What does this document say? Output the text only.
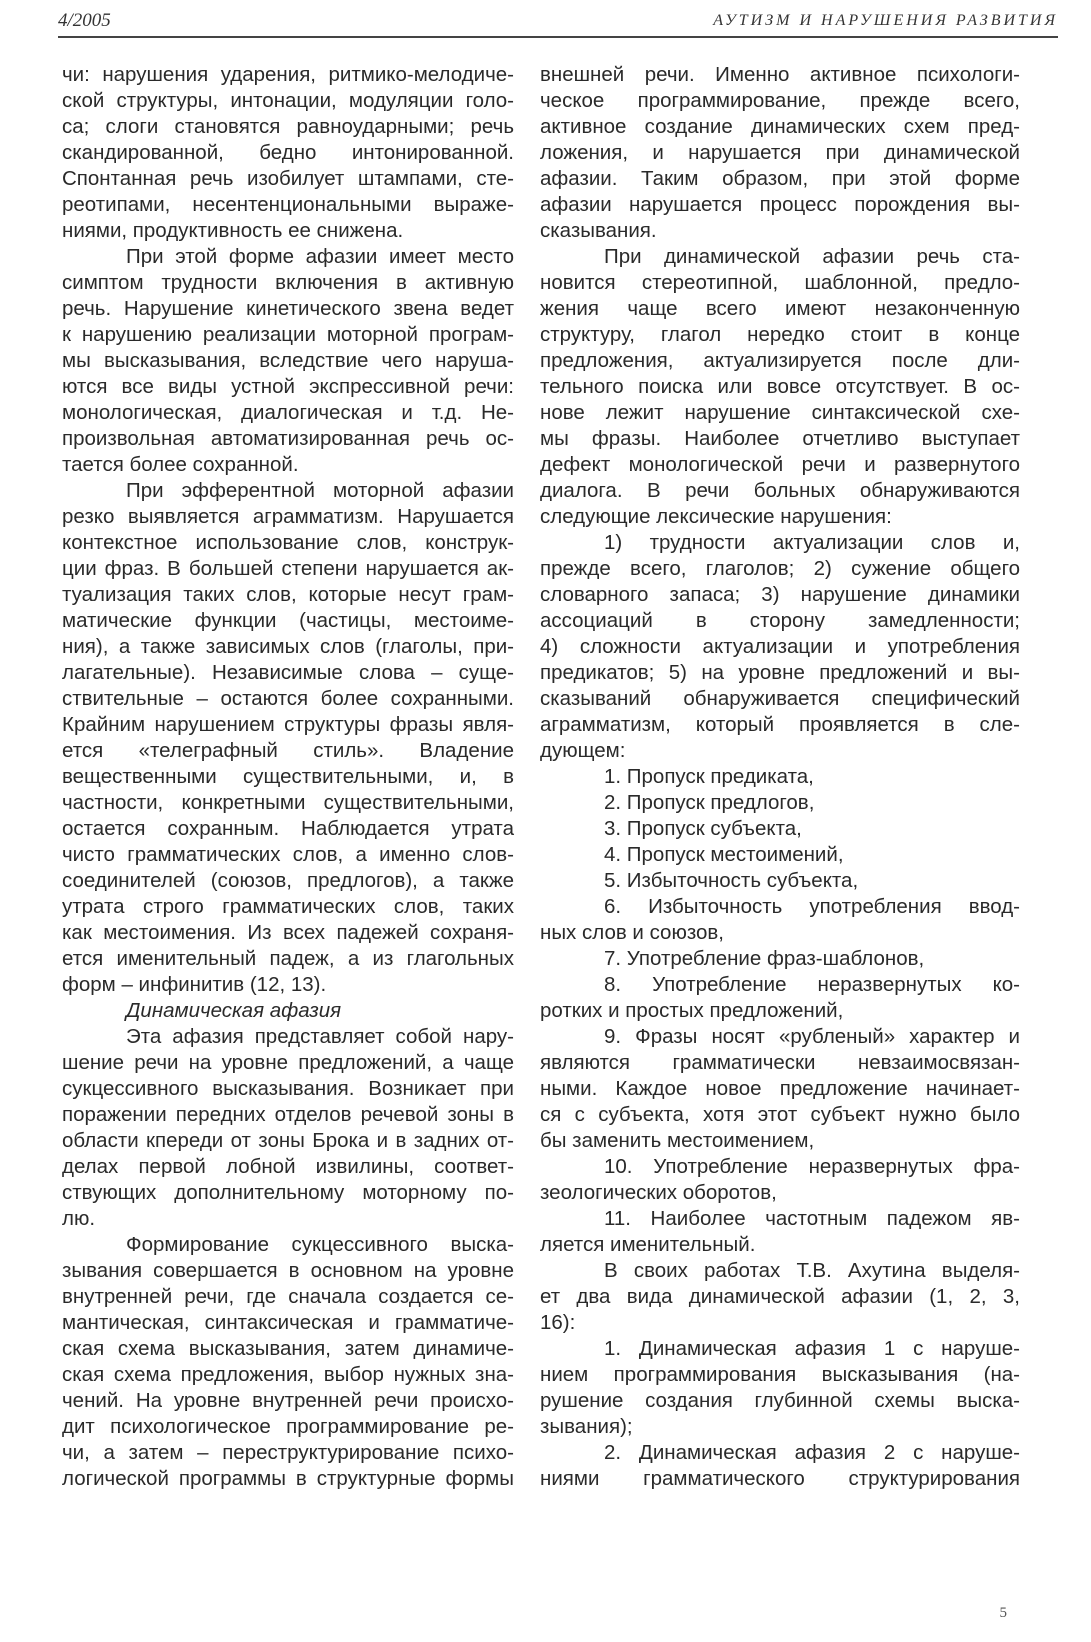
4/2005	АУТИЗМ И НАРУШЕНИЯ РАЗВИТИЯ
чи: нарушения ударения, ритмико-мелодиче-
ской структуры, интонации, модуляции голо-
са; слоги становятся равноударными; речь
скандированной, бедно интонированной.
Спонтанная речь изобилует штампами, сте-
реотипами, несентенциональными выраже-
ниями, продуктивность ее снижена.
При этой форме афазии имеет место
симптом трудности включения в активную
речь. Нарушение кинетического звена ведет
к нарушению реализации моторной програм-
мы высказывания, вследствие чего наруша-
ются все виды устной экспрессивной речи:
монологическая, диалогическая и т.д. Не-
произвольная автоматизированная речь ос-
тается более сохранной.
При эфферентной моторной афазии
резко выявляется аграмматизм. Нарушается
контекстное использование слов, конструк-
ции фраз. В большей степени нарушается ак-
туализация таких слов, которые несут грам-
матические функции (частицы, местоиме-
ния), а также зависимых слов (глаголы, при-
лагательные). Независимые слова – суще-
ствительные – остаются более сохранными.
Крайним нарушением структуры фразы явля-
ется «телеграфный стиль». Владение
вещественными существительными, и, в
частности, конкретными существительными,
остается сохранным. Наблюдается утрата
чисто грамматических слов, а именно слов-
соединителей (союзов, предлогов), а также
утрата строго грамматических слов, таких
как местоимения. Из всех падежей сохраня-
ется именительный падеж, а из глагольных
форм – инфинитив (12, 13).
Динамическая афазия
Эта афазия представляет собой нару-
шение речи на уровне предложений, а чаще
сукцессивного высказывания. Возникает при
поражении передних отделов речевой зоны в
области кпереди от зоны Брока и в задних от-
делах первой лобной извилины, соответ-
ствующих дополнительному моторному по-
лю.
Формирование сукцессивного выска-
зывания совершается в основном на уровне
внутренней речи, где сначала создается се-
мантическая, синтаксическая и грамматиче-
ская схема высказывания, затем динамиче-
ская схема предложения, выбор нужных зна-
чений. На уровне внутренней речи происхо-
дит психологическое программирование ре-
чи, а затем – переструктурирование психо-
логической программы в структурные формы
внешней речи. Именно активное психологи-
ческое программирование, прежде всего,
активное создание динамических схем пред-
ложения, и нарушается при динамической
афазии. Таким образом, при этой форме
афазии нарушается процесс порождения вы-
сказывания.
При динамической афазии речь ста-
новится стереотипной, шаблонной, предло-
жения чаще всего имеют незаконченную
структуру, глагол нередко стоит в конце
предложения, актуализируется после дли-
тельного поиска или вовсе отсутствует. В ос-
нове лежит нарушение синтаксической схе-
мы фразы. Наиболее отчетливо выступает
дефект монологической речи и развернутого
диалога. В речи больных обнаруживаются
следующие лексические нарушения:
1) трудности актуализации слов и,
прежде всего, глаголов; 2) сужение общего
словарного запаса; 3) нарушение динамики
ассоциаций в сторону замедленности;
4) сложности актуализации и употребления
предикатов; 5) на уровне предложений и вы-
сказываний обнаруживается специфический
аграмматизм, который проявляется в сле-
дующем:
1. Пропуск предиката,
2. Пропуск предлогов,
3. Пропуск субъекта,
4. Пропуск местоимений,
5. Избыточность субъекта,
6. Избыточность употребления ввод-
ных слов и союзов,
7. Употребление фраз-шаблонов,
8. Употребление неразвернутых ко-
ротких и простых предложений,
9. Фразы носят «рубленый» характер и
являются грамматически невзаимосвязан-
ными. Каждое новое предложение начинает-
ся с субъекта, хотя этот субъект нужно было
бы заменить местоимением,
10. Употребление неразвернутых фра-
зеологических оборотов,
11. Наиболее частотным падежом яв-
ляется именительный.
В своих работах Т.В. Ахутина выделя-
ет два вида динамической афазии (1, 2, 3,
16):
1. Динамическая афазия 1 с наруше-
нием программирования высказывания (на-
рушение создания глубинной схемы выска-
зывания);
2. Динамическая афазия 2 с наруше-
ниями грамматического структурирования
5
